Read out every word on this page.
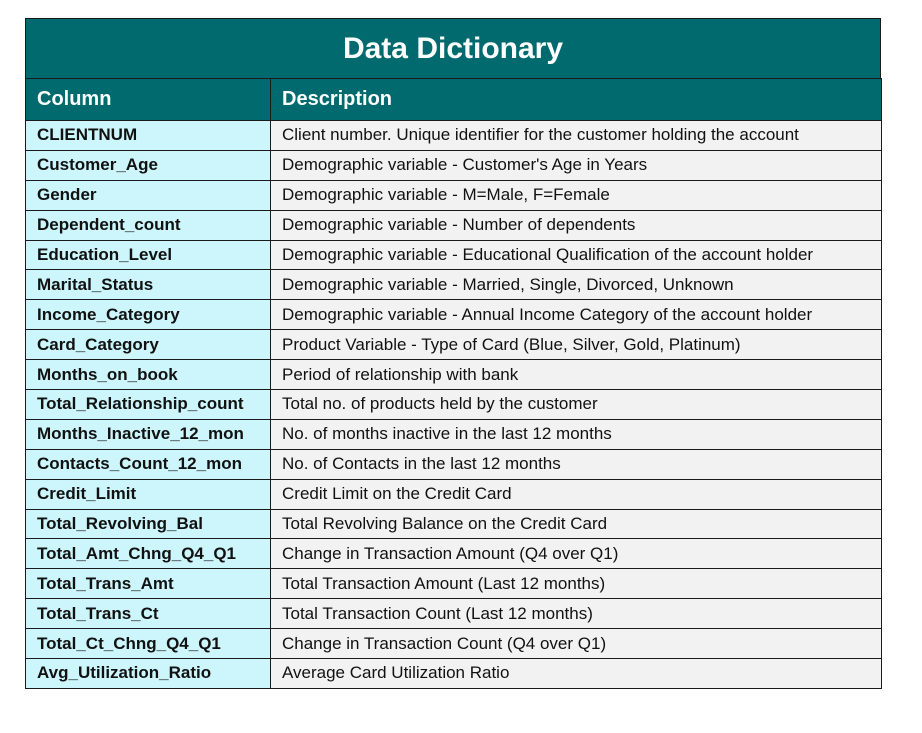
Data Dictionary
Column	Description
CLIENTNUM	Client number. Unique identifier for the customer holding the account
Customer_Age	Demographic variable - Customer's Age in Years
Gender	Demographic variable - M=Male, F=Female
Dependent_count	Demographic variable - Number of dependents
Education_Level	Demographic variable - Educational Qualification of the account holder
Marital_Status	Demographic variable - Married, Single, Divorced, Unknown
Income_Category	Demographic variable - Annual Income Category of the account holder
Card_Category	Product Variable - Type of Card (Blue, Silver, Gold, Platinum)
Months_on_book	Period of relationship with bank
Total_Relationship_count	Total no. of products held by the customer
Months_Inactive_12_mon	No. of months inactive in the last 12 months
Contacts_Count_12_mon	No. of Contacts in the last 12 months
Credit_Limit	Credit Limit on the Credit Card
Total_Revolving_Bal	Total Revolving Balance on the Credit Card
Total_Amt_Chng_Q4_Q1	Change in Transaction Amount (Q4 over Q1)
Total_Trans_Amt	Total Transaction Amount (Last 12 months)
Total_Trans_Ct	Total Transaction Count (Last 12 months)
Total_Ct_Chng_Q4_Q1	Change in Transaction Count (Q4 over Q1)
Avg_Utilization_Ratio	Average Card Utilization Ratio
